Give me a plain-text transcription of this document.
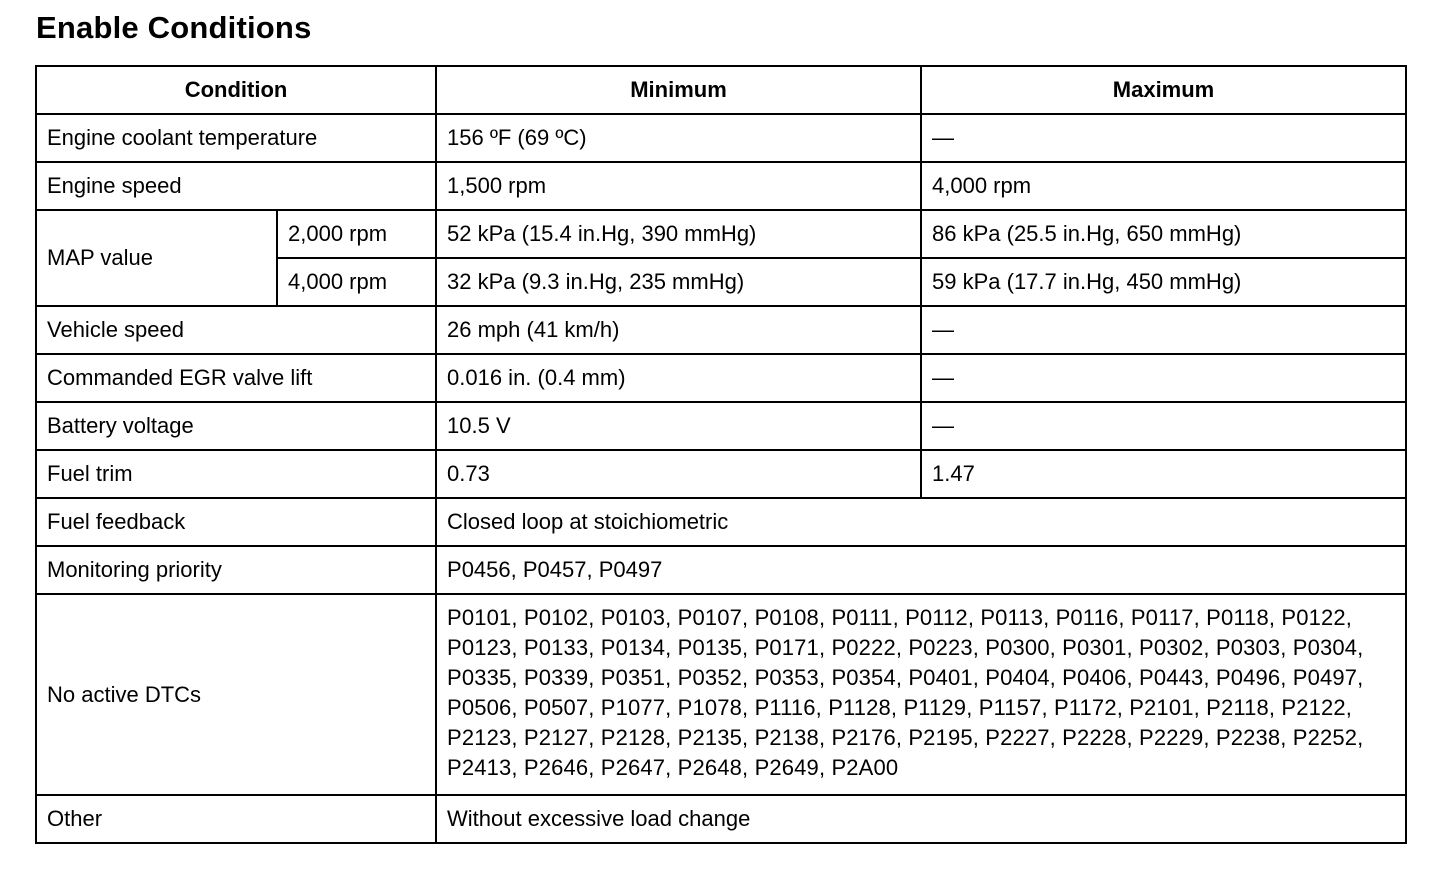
Enable Conditions
Condition		Minimum	Maximum
Engine coolant temperature		156 ºF (69 ºC)	—
Engine speed		1,500 rpm	4,000 rpm
MAP value	2,000 rpm	52 kPa (15.4 in.Hg, 390 mmHg)	86 kPa (25.5 in.Hg, 650 mmHg)
	4,000 rpm	32 kPa (9.3 in.Hg, 235 mmHg)	59 kPa (17.7 in.Hg, 450 mmHg)
Vehicle speed		26 mph (41 km/h)	—
Commanded EGR valve lift		0.016 in. (0.4 mm)	—
Battery voltage		10.5 V	—
Fuel trim		0.73	1.47
Fuel feedback		Closed loop at stoichiometric	
Monitoring priority		P0456, P0457, P0497	
No active DTCs		P0101, P0102, P0103, P0107, P0108, P0111, P0112, P0113, P0116, P0117, P0118, P0122, P0123, P0133, P0134, P0135, P0171, P0222, P0223, P0300, P0301, P0302, P0303, P0304, P0335, P0339, P0351, P0352, P0353, P0354, P0401, P0404, P0406, P0443, P0496, P0497, P0506, P0507, P1077, P1078, P1116, P1128, P1129, P1157, P1172, P2101, P2118, P2122, P2123, P2127, P2128, P2135, P2138, P2176, P2195, P2227, P2228, P2229, P2238, P2252, P2413, P2646, P2647, P2648, P2649, P2A00	
Other		Without excessive load change	
